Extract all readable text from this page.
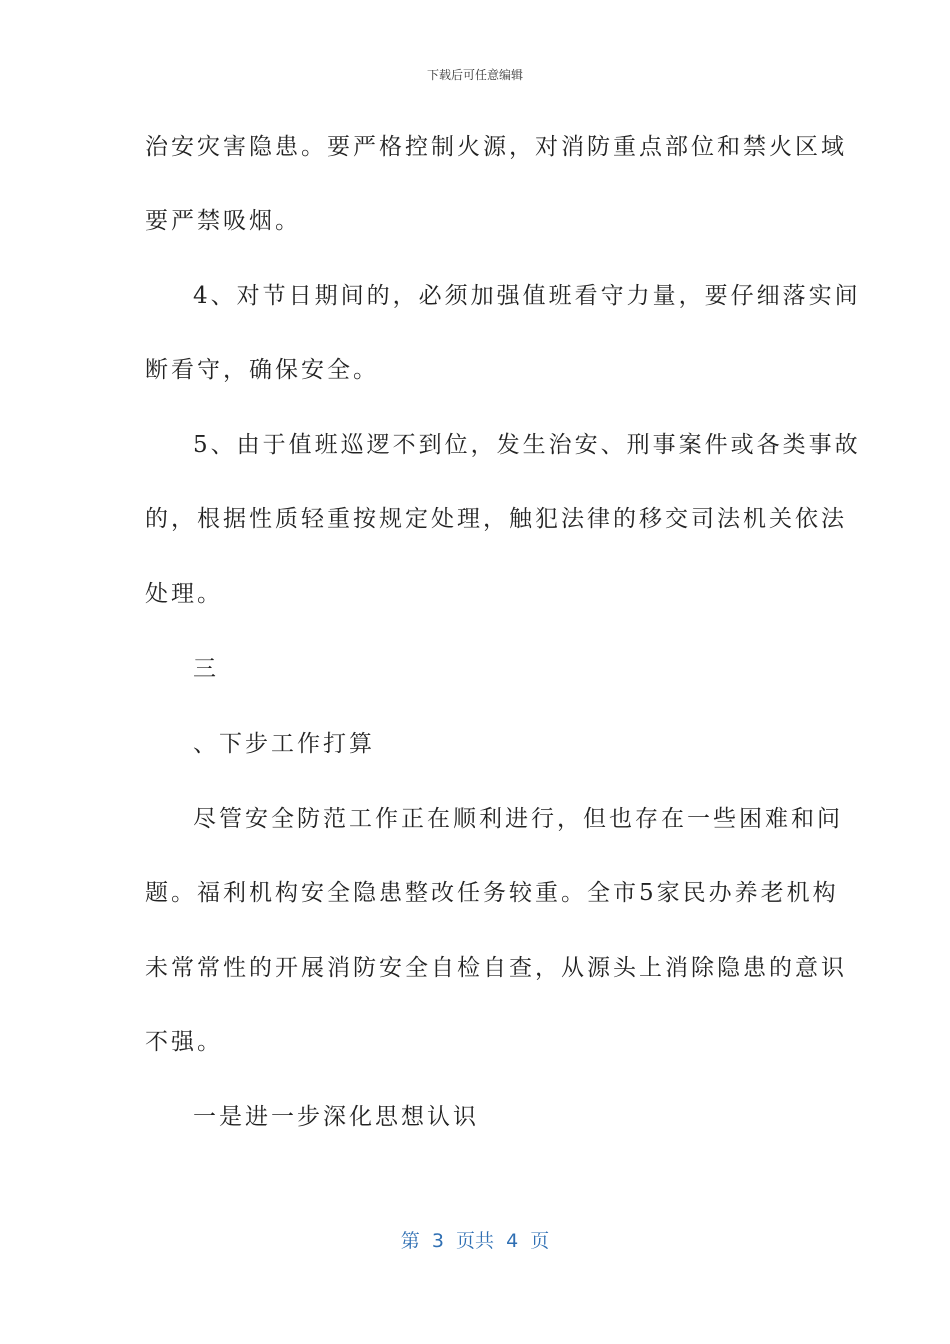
下载后可任意编辑
治安灾害隐患。要严格控制火源，对消防重点部位和禁火区域
要严禁吸烟。
4、对节日期间的，必须加强值班看守力量，要仔细落实间
断看守，确保安全。
5、由于值班巡逻不到位，发生治安、刑事案件或各类事故
的，根据性质轻重按规定处理，触犯法律的移交司法机关依法
处理。
三
、下步工作打算
尽管安全防范工作正在顺利进行，但也存在一些困难和问
题。福利机构安全隐患整改任务较重。全市5家民办养老机构
未常常性的开展消防安全自检自查，从源头上消除隐患的意识
不强。
一是进一步深化思想认识
第  3  页共  4  页
